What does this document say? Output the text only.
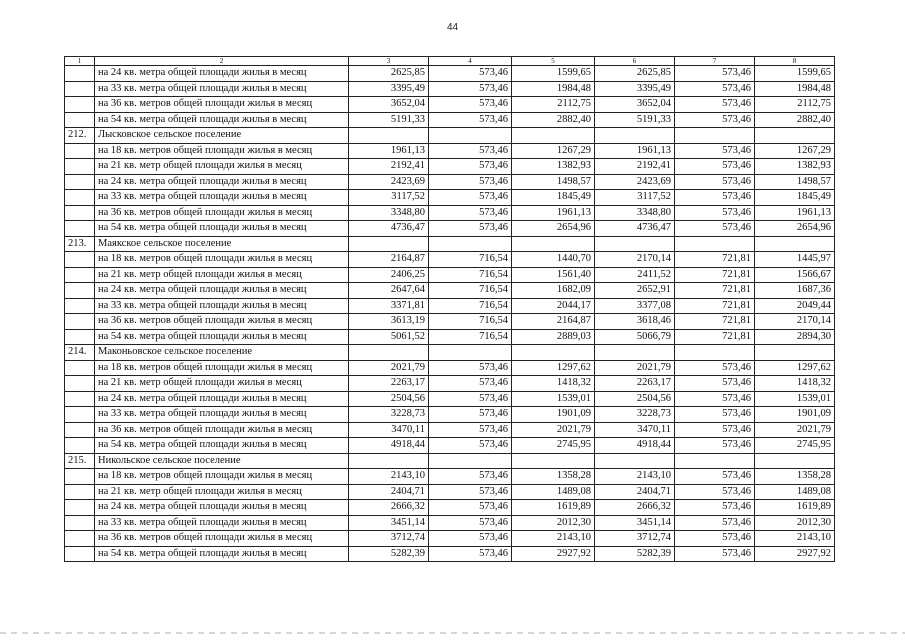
44
1	2	3	4	5	6	7	8
	на 24 кв. метра общей площади жилья в месяц	2625,85	573,46	1599,65	2625,85	573,46	1599,65
	на 33 кв. метра общей площади жилья в месяц	3395,49	573,46	1984,48	3395,49	573,46	1984,48
	на 36 кв. метров общей площади жилья в месяц	3652,04	573,46	2112,75	3652,04	573,46	2112,75
	на 54 кв. метра общей площади жилья в месяц	5191,33	573,46	2882,40	5191,33	573,46	2882,40
212.	Лысковское сельское поселение						
	на 18 кв. метров общей площади жилья в месяц	1961,13	573,46	1267,29	1961,13	573,46	1267,29
	на 21 кв. метр общей площади жилья в месяц	2192,41	573,46	1382,93	2192,41	573,46	1382,93
	на 24 кв. метра общей площади жилья в месяц	2423,69	573,46	1498,57	2423,69	573,46	1498,57
	на 33 кв. метра общей площади жилья в месяц	3117,52	573,46	1845,49	3117,52	573,46	1845,49
	на 36 кв. метров общей площади жилья в месяц	3348,80	573,46	1961,13	3348,80	573,46	1961,13
	на 54 кв. метра общей площади жилья в месяц	4736,47	573,46	2654,96	4736,47	573,46	2654,96
213.	Маякское сельское поселение						
	на 18 кв. метров общей площади жилья в месяц	2164,87	716,54	1440,70	2170,14	721,81	1445,97
	на 21 кв. метр общей площади жилья в месяц	2406,25	716,54	1561,40	2411,52	721,81	1566,67
	на 24 кв. метра общей площади жилья в месяц	2647,64	716,54	1682,09	2652,91	721,81	1687,36
	на 33 кв. метра общей площади жилья в месяц	3371,81	716,54	2044,17	3377,08	721,81	2049,44
	на 36 кв. метров общей площади жилья в месяц	3613,19	716,54	2164,87	3618,46	721,81	2170,14
	на 54 кв. метра общей площади жилья в месяц	5061,52	716,54	2889,03	5066,79	721,81	2894,30
214.	Маконьовское сельское поселение						
	на 18 кв. метров общей площади жилья в месяц	2021,79	573,46	1297,62	2021,79	573,46	1297,62
	на 21 кв. метр общей площади жилья в месяц	2263,17	573,46	1418,32	2263,17	573,46	1418,32
	на 24 кв. метра общей площади жилья в месяц	2504,56	573,46	1539,01	2504,56	573,46	1539,01
	на 33 кв. метра общей площади жилья в месяц	3228,73	573,46	1901,09	3228,73	573,46	1901,09
	на 36 кв. метров общей площади жилья в месяц	3470,11	573,46	2021,79	3470,11	573,46	2021,79
	на 54 кв. метра общей площади жилья в месяц	4918,44	573,46	2745,95	4918,44	573,46	2745,95
215.	Никольское сельское поселение						
	на 18 кв. метров общей площади жилья в месяц	2143,10	573,46	1358,28	2143,10	573,46	1358,28
	на 21 кв. метр общей площади жилья в месяц	2404,71	573,46	1489,08	2404,71	573,46	1489,08
	на 24 кв. метра общей площади жилья в месяц	2666,32	573,46	1619,89	2666,32	573,46	1619,89
	на 33 кв. метра общей площади жилья в месяц	3451,14	573,46	2012,30	3451,14	573,46	2012,30
	на 36 кв. метров общей площади жилья в месяц	3712,74	573,46	2143,10	3712,74	573,46	2143,10
	на 54 кв. метра общей площади жилья в месяц	5282,39	573,46	2927,92	5282,39	573,46	2927,92
